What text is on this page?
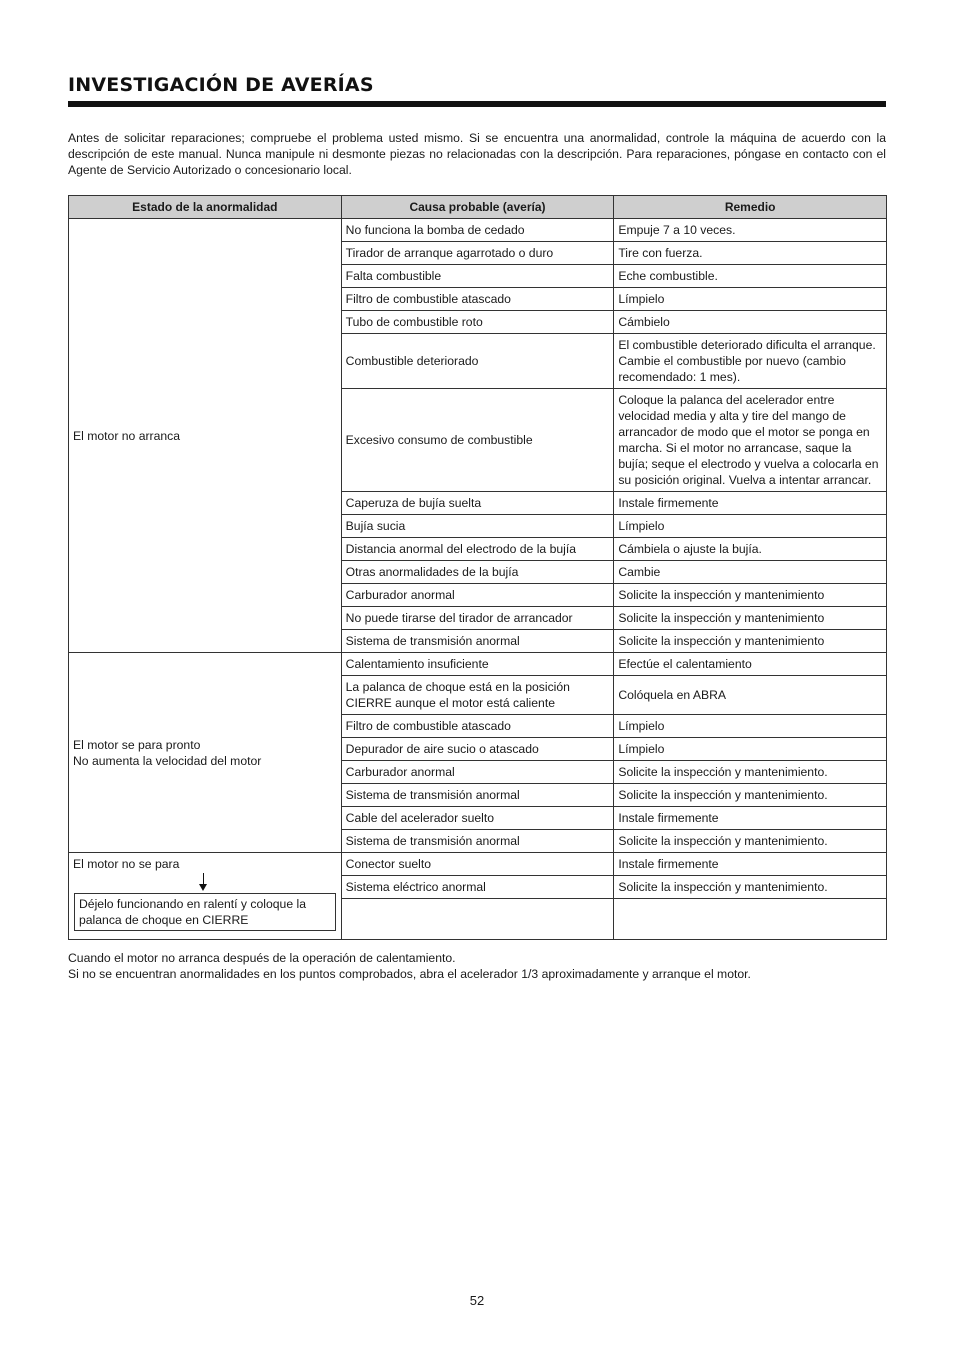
INVESTIGACIÓN DE AVERÍAS
Antes de solicitar reparaciones; compruebe el problema usted mismo. Si se encuentra una anormalidad, controle la máquina de acuerdo con la descripción de este manual. Nunca manipule ni desmonte piezas no relacionadas con la descripción. Para reparaciones, póngase en contacto con el Agente de Servicio Autorizado o concesionario local.
Estado de la anormalidad	Causa probable (avería)	Remedio
El motor no arranca	No funciona la bomba de cedado	Empuje 7 a 10 veces.
	Tirador de arranque agarrotado o duro	Tire con fuerza.
	Falta combustible	Eche combustible.
	Filtro de combustible atascado	Límpielo
	Tubo de combustible roto	Cámbielo
	Combustible deteriorado	El combustible deteriorado dificulta el arranque. Cambie el combustible por nuevo (cambio recomendado: 1 mes).
	Excesivo consumo de combustible	Coloque la palanca del acelerador entre velocidad media y alta y tire del mango de arrancador de modo que el motor se ponga en marcha. Si el motor no arrancase, saque la bujía; seque el electrodo y vuelva a colocarla en su posición original. Vuelva a intentar arrancar.
	Caperuza de bujía suelta	Instale firmemente
	Bujía sucia	Límpielo
	Distancia anormal del electrodo de la bujía	Cámbiela o ajuste la bujía.
	Otras anormalidades de la bujía	Cambie
	Carburador anormal	Solicite la inspección y mantenimiento
	No puede tirarse del tirador de arrancador	Solicite la inspección y mantenimiento
	Sistema de transmisión anormal	Solicite la inspección y mantenimiento

El motor se para pronto
No aumenta la velocidad del motor	Calentamiento insuficiente	Efectúe el calentamiento
	La palanca de choque está en la posición CIERRE aunque el motor está caliente	Colóquela en ABRA
	Filtro de combustible atascado	Límpielo
	Depurador de aire sucio o atascado	Límpielo
	Carburador anormal	Solicite la inspección y mantenimiento.
	Sistema de transmisión anormal	Solicite la inspección y mantenimiento.
	Cable del acelerador suelto	Instale firmemente
	Sistema de transmisión anormal	Solicite la inspección y mantenimiento.

El motor no se para
Déjelo funcionando en ralentí y coloque la palanca de choque en CIERRE	Conector suelto	Instale firmemente
	Sistema eléctrico anormal	Solicite la inspección y mantenimiento.

Cuando el motor no arranca después de la operación de calentamiento.
Si no se encuentran anormalidades en los puntos comprobados, abra el acelerador 1/3 aproximadamente y arranque el motor.
52
